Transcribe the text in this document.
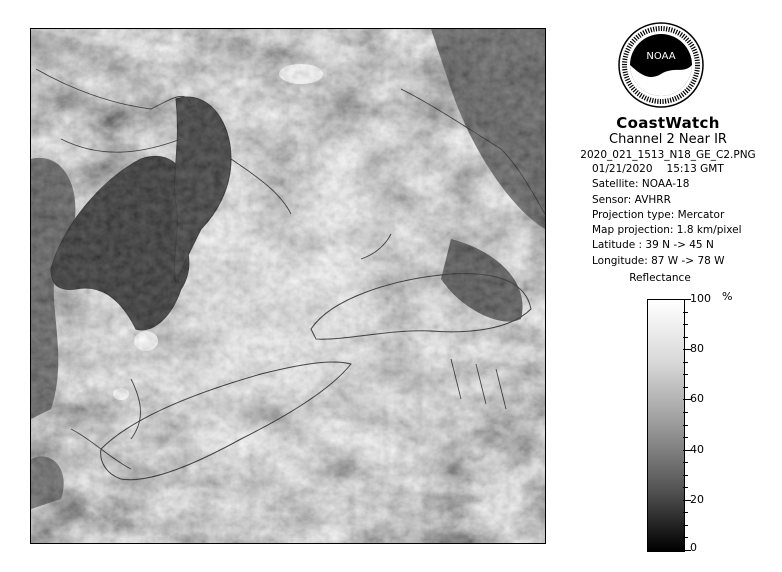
NOAA
CoastWatch
Channel 2 Near IR
2020_021_1513_N18_GE_C2.PNG
01/21/2020 15:13 GMT
Satellite: NOAA-18
Sensor: AVHRR
Projection type: Mercator
Map projection: 1.8 km/pixel
Latitude : 39 N -> 45 N
Longitude: 87 W -> 78 W
Reflectance
%
100
80
60
40
20
0
